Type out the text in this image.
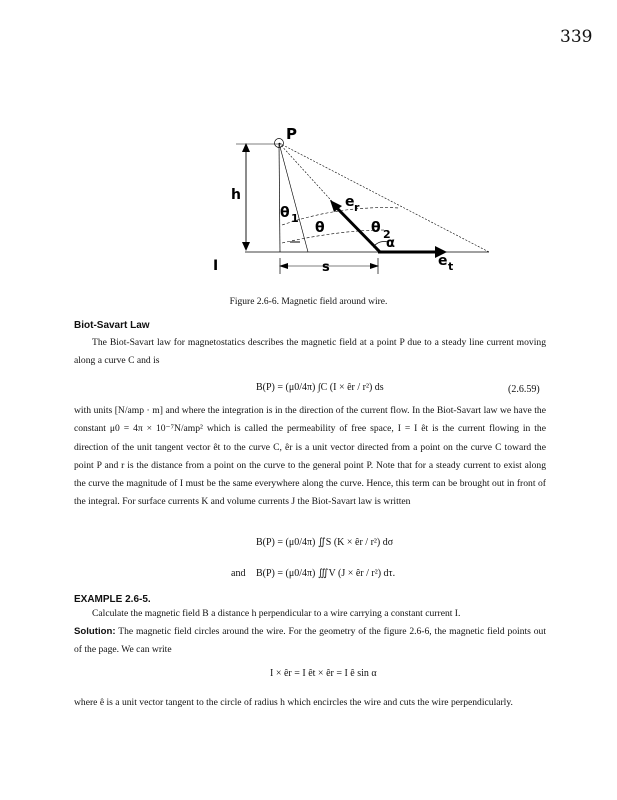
339
P
h
θ 1
θ	θ 2
α
e r
e t
I	s
Figure 2.6-6. Magnetic field around wire.
Biot-Savart Law
The Biot-Savart law for magnetostatics describes the magnetic field at a point P due to a steady line current moving along a curve C and is
B(P) = (μ0/4π) ∫C (I × êr / r²) ds	(2.6.59)
with units [N/amp · m] and where the integration is in the direction of the current flow. In the Biot-Savart law we have the constant μ0 = 4π × 10⁻⁷N/amp² which is called the permeability of free space, I = I êt is the current flowing in the direction of the unit tangent vector êt to the curve C, êr is a unit vector directed from a point on the curve C toward the point P and r is the distance from a point on the curve to the general point P. Note that for a steady current to exist along the curve the magnitude of I must be the same everywhere along the curve. Hence, this term can be brought out in front of the integral. For surface currents K and volume currents J the Biot-Savart law is written
B(P) = (μ0/4π) ∬S (K × êr / r²) dσ
and B(P) = (μ0/4π) ∭V (J × êr / r²) dτ.
EXAMPLE 2.6-5.
Calculate the magnetic field B a distance h perpendicular to a wire carrying a constant current I.
Solution: The magnetic field circles around the wire. For the geometry of the figure 2.6-6, the magnetic field points out of the page. We can write
I × êr = I êt × êr = I ê sin α
where ê is a unit vector tangent to the circle of radius h which encircles the wire and cuts the wire perpendicularly.
